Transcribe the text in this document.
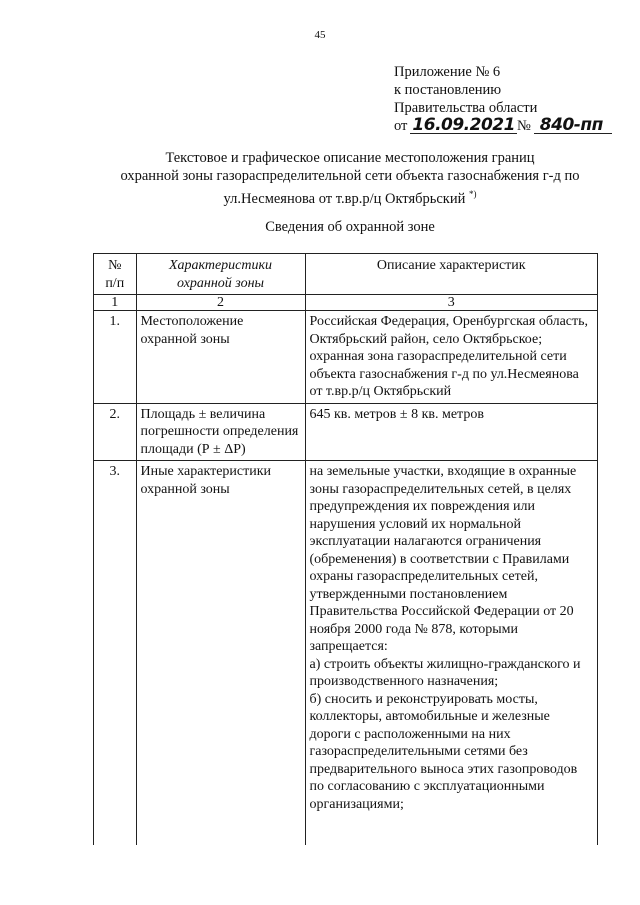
45
Приложение № 6
к постановлению
Правительства области
от 16.09.2021 № 840-пп
Текстовое и графическое описание местоположения границ
охранной зоны газораспределительной сети объекта газоснабжения г-д по
ул.Несмеянова от т.вр.р/ц Октябрьский *)
Сведения об охранной зоне
№
п/п	Характеристики охранной зоны	Описание характеристик
1	2	3
1.	Местоположение охранной зоны	Российская Федерация, Оренбургская область, Октябрьский район, село Октябрьское; охранная зона газораспределительной сети объекта газоснабжения г-д по ул.Несмеянова от т.вр.р/ц Октябрьский
2.	Площадь ± величина погрешности определения площади (Р ± ΔР)	645 кв. метров ± 8 кв. метров
3.	Иные характеристики охранной зоны	на земельные участки, входящие в охранные зоны газораспределительных сетей, в целях предупреждения их повреждения или нарушения условий их нормальной эксплуатации налагаются ограничения (обременения) в соответствии с Правилами охраны газораспределительных сетей, утвержденными постановлением Правительства Российской Федерации от 20 ноября 2000 года № 878, которыми запрещается:
а) строить объекты жилищно-гражданского и производственного назначения;
б) сносить и реконструировать мосты, коллекторы, автомобильные и железные дороги с расположенными на них газораспределительными сетями без предварительного выноса этих газопроводов по согласованию с эксплуатационными организациями;
